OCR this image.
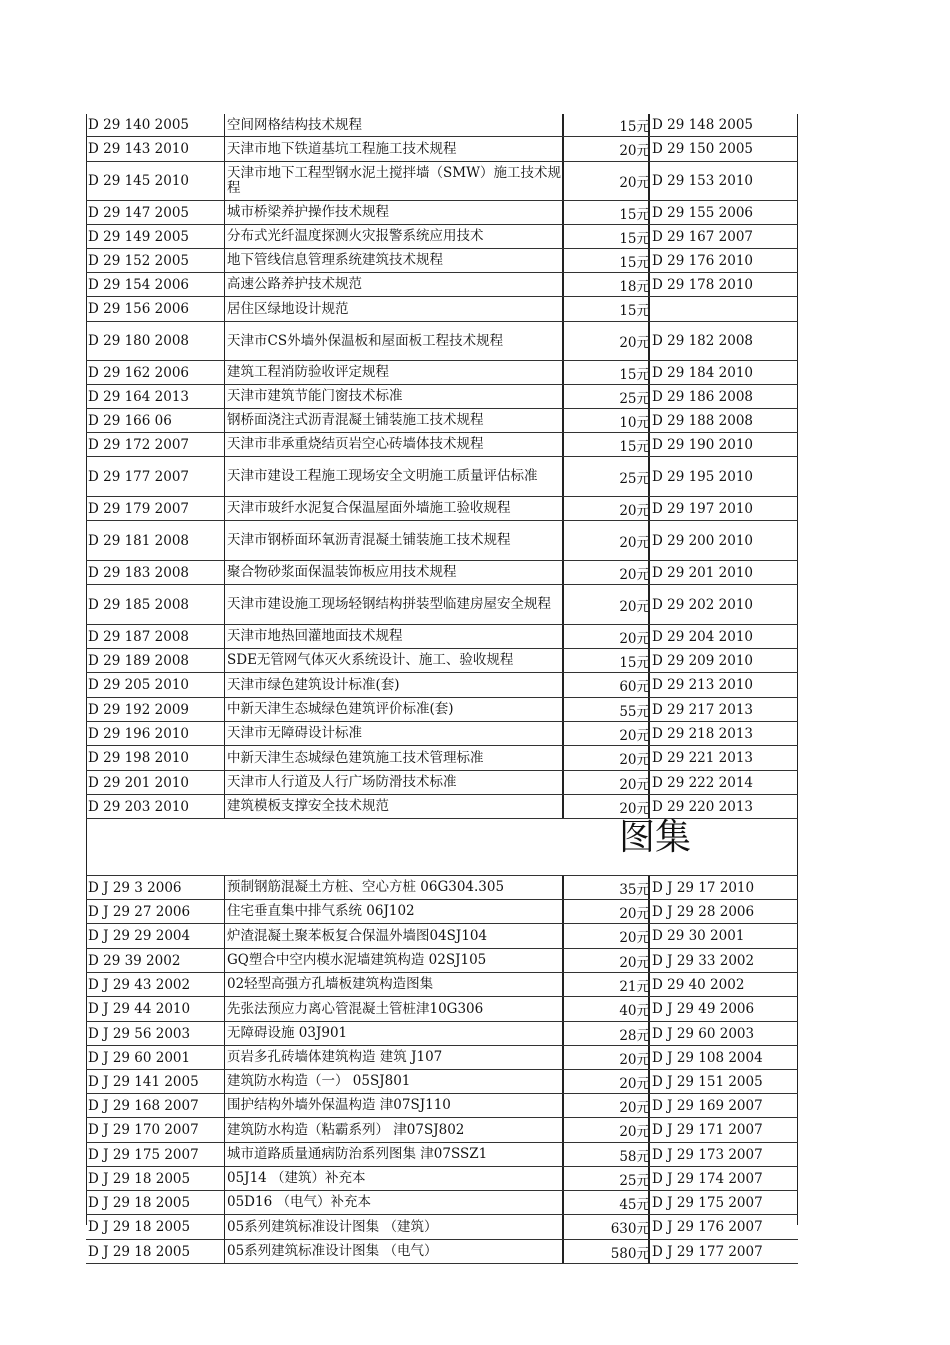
D 29 140 2005	空间网格结构技术规程	15元 D 29 148 2005
D 29 143 2010	天津市地下铁道基坑工程施工技术规程	20元 D 29 150 2005
D 29 145 2010	天津市地下工程型钢水泥土搅拌墙（SMW）施工技术规程	20元 D 29 153 2010
D 29 147 2005	城市桥梁养护操作技术规程	15元 D 29 155 2006
D 29 149 2005	分布式光纤温度探测火灾报警系统应用技术	15元 D 29 167 2007
D 29 152 2005	地下管线信息管理系统建筑技术规程	15元 D 29 176 2010
D 29 154 2006	高速公路养护技术规范	18元 D 29 178 2010
D 29 156 2006	居住区绿地设计规范	15元
D 29 180 2008	天津市CS外墙外保温板和屋面板工程技术规程	20元 D 29 182 2008
D 29 162 2006	建筑工程消防验收评定规程	15元 D 29 184 2010
D 29 164 2013	天津市建筑节能门窗技术标准	25元 D 29 186 2008
D 29 166 06	钢桥面浇注式沥青混凝土铺装施工技术规程	10元 D 29 188 2008
D 29 172 2007	天津市非承重烧结页岩空心砖墙体技术规程	15元 D 29 190 2010
D 29 177 2007	天津市建设工程施工现场安全文明施工质量评估标准	25元 D 29 195 2010
D 29 179 2007	天津市玻纤水泥复合保温屋面外墙施工验收规程	20元 D 29 197 2010
D 29 181 2008	天津市钢桥面环氧沥青混凝土铺装施工技术规程	20元 D 29 200 2010
D 29 183 2008	聚合物砂浆面保温装饰板应用技术规程	20元 D 29 201 2010
D 29 185 2008	天津市建设施工现场轻钢结构拼装型临建房屋安全规程	20元 D 29 202 2010
D 29 187 2008	天津市地热回灌地面技术规程	20元 D 29 204 2010
D 29 189 2008	SDE无管网气体灭火系统设计、施工、验收规程	15元 D 29 209 2010
D 29 205 2010	天津市绿色建筑设计标准(套)	60元 D 29 213 2010
D 29 192 2009	中新天津生态城绿色建筑评价标准(套)	55元 D 29 217 2013
D 29 196 2010	天津市无障碍设计标准	20元 D 29 218 2013
D 29 198 2010	中新天津生态城绿色建筑施工技术管理标准	20元 D 29 221 2013
D 29 201 2010	天津市人行道及人行广场防滑技术标准	20元 D 29 222 2014
D 29 203 2010	建筑模板支撑安全技术规范	20元 D 29 220 2013
图集
D J 29 3 2006	预制钢筋混凝土方桩、空心方桩 06G304.305	35元 D J 29 17 2010
D J 29 27 2006	住宅垂直集中排气系统 06J102	20元 D J 29 28 2006
D J 29 29 2004	炉渣混凝土聚苯板复合保温外墙图04SJ104	20元 D 29 30 2001
D 29 39 2002	GQ塑合中空内模水泥墙建筑构造 02SJ105	20元 D J 29 33 2002
D J 29 43 2002	02轻型高强方孔墙板建筑构造图集	21元 D 29 40 2002
D J 29 44 2010	先张法预应力离心管混凝土管桩津10G306	40元 D J 29 49 2006
D J 29 56 2003	无障碍设施 03J901	28元 D J 29 60 2003
D J 29 60 2001	页岩多孔砖墙体建筑构造 建筑 J107	20元 D J 29 108 2004
D J 29 141 2005	建筑防水构造（一） 05SJ801	20元 D J 29 151 2005
D J 29 168 2007	围护结构外墙外保温构造 津07SJ110	20元 D J 29 169 2007
D J 29 170 2007	建筑防水构造（粘霸系列） 津07SJ802	20元 D J 29 171 2007
D J 29 175 2007	城市道路质量通病防治系列图集 津07SSZ1	58元 D J 29 173 2007
D J 29 18 2005	05J14 （建筑）补充本	25元 D J 29 174 2007
D J 29 18 2005	05D16 （电气）补充本	45元 D J 29 175 2007
D J 29 18 2005	05系列建筑标准设计图集 （建筑）	630元 D J 29 176 2007
D J 29 18 2005	05系列建筑标准设计图集 （电气）	580元 D J 29 177 2007
